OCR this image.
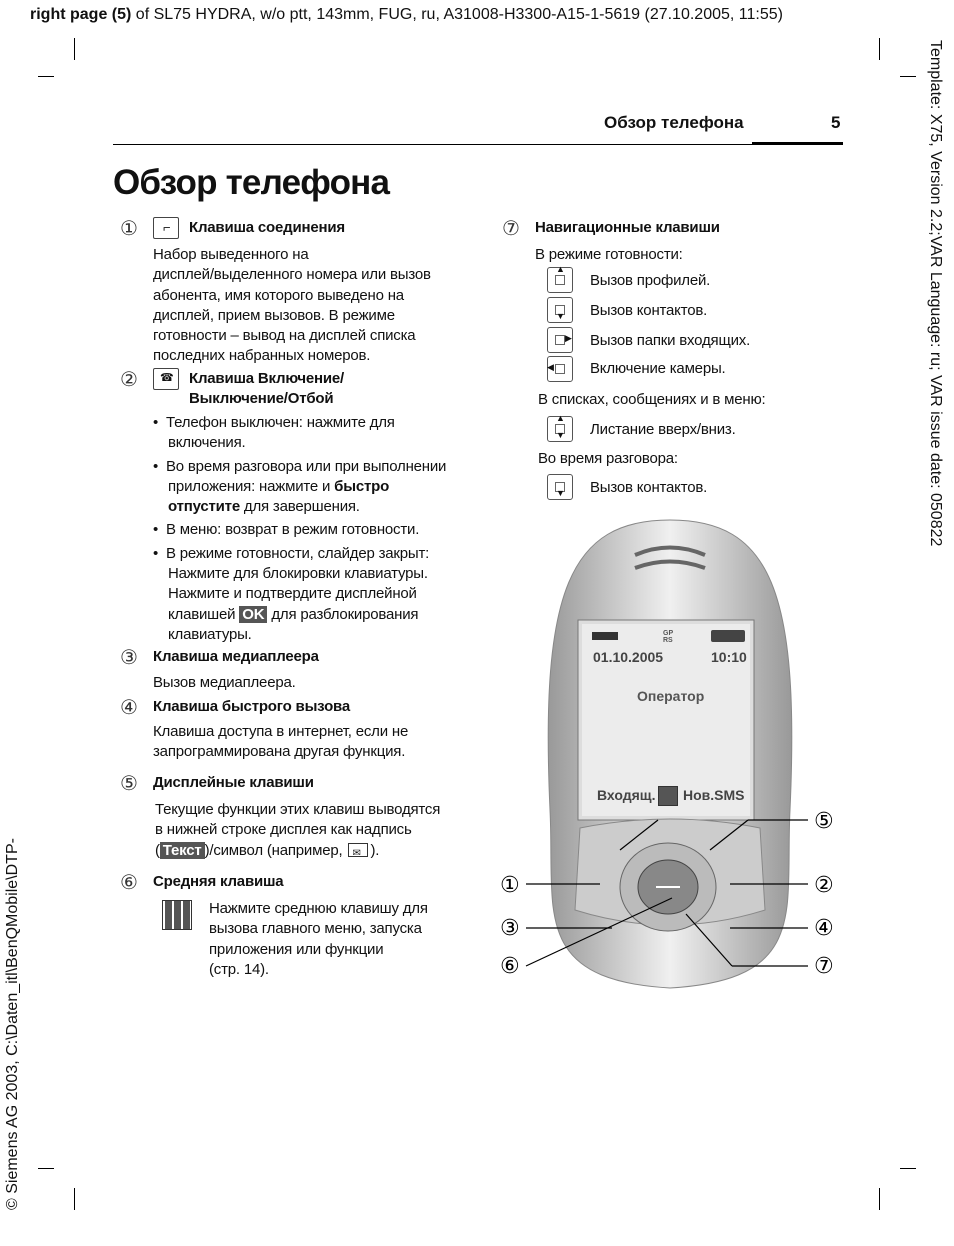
right page (5) of SL75 HYDRA, w/o ptt, 143mm, FUG, ru, A31008-H3300-A15-1-5619 (27.10.2005, 11:55)
Template: X75, Version 2.2;VAR Language: ru; VAR issue date: 050822
© Siemens AG 2003, C:\Daten_itl\BenQMobile\DTP-
Обзор телефона	5
Обзор телефона
① ⌐ Клавиша соединения
Набор выведенного на
дисплей/выделенного номера или вызов
абонента, имя которого выведено на
дисплей, прием вызовов. В режиме
готовности – вывод на дисплей списка
последних набранных номеров.
② ☎ Клавиша Включение/
Выключение/Отбой
•  Телефон выключен: нажмите для
включения.
•  Во время разговора или при выполнении
приложения: нажмите и быстро
отпустите для завершения.
•  В меню: возврат в режим готовности.
•  В режиме готовности, слайдер закрыт:
Нажмите для блокировки клавиатуры.
Нажмите и подтвердите дисплейной
клавишей OK для разблокирования
клавиатуры.
③ Клавиша медиаплеера
Вызов медиаплеера.
④ Клавиша быстрого вызова
Клавиша доступа в интернет, если не
запрограммирована другая функция.
⑤ Дисплейные клавиши
Текущие функции этих клавиш выводятся
в нижней строке дисплея как надпись
( Текст )/символ (например, ✉ ).
⑥ Средняя клавиша
Нажмите среднюю клавишу для
вызова главного меню, запуска
приложения или функции
(стр. 14).
⑦ Навигационные клавиши
В режиме готовности:
▲
Вызов профилей.
▼ Вызов контактов.
▶ Вызов папки входящих.
◀ Включение камеры.
В списках, сообщениях и в меню:
▲
▼ Листание вверх/вниз.
Во время разговора:
▼ Вызов контактов.
GP
RS
01.10.2005	10:10
Оператор
Входящ. Нов.SMS
①
③
⑥
⑤
②
④
⑦
